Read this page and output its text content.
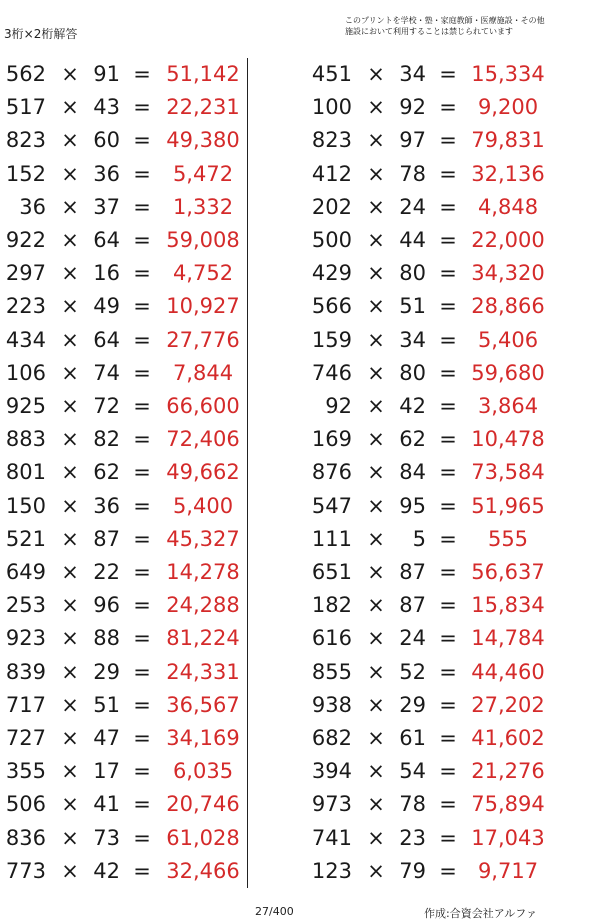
3桁×2桁解答
このプリントを学校・塾・家庭教師・医療施設・その他
施設において利用することは禁じられています
562 × 91 = 51,142
517 × 43 = 22,231
823 × 60 = 49,380
152 × 36 =	5,472
36 × 37 =	1,332
922 × 64 = 59,008
297 × 16 =	4,752
223 × 49 = 10,927
434 × 64 = 27,776
106 × 74 =	7,844
925 × 72 = 66,600
883 × 82 = 72,406
801 × 62 = 49,662
150 × 36 =	5,400
521 × 87 = 45,327
649 × 22 = 14,278
253 × 96 = 24,288
923 × 88 = 81,224
839 × 29 = 24,331
717 × 51 = 36,567
727 × 47 = 34,169
355 × 17 =	6,035
506 × 41 = 20,746
836 × 73 = 61,028
773 × 42 = 32,466
451 × 34 = 15,334
100 × 92 =	9,200
823 × 97 = 79,831
412 × 78 = 32,136
202 × 24 =	4,848
500 × 44 = 22,000
429 × 80 = 34,320
566 × 51 = 28,866
159 × 34 =	5,406
746 × 80 = 59,680
92 × 42 =	3,864
169 × 62 = 10,478
876 × 84 = 73,584
547 × 95 = 51,965
111 ×	5 =	555
651 × 87 = 56,637
182 × 87 = 15,834
616 × 24 = 14,784
855 × 52 = 44,460
938 × 29 = 27,202
682 × 61 = 41,602
394 × 54 = 21,276
973 × 78 = 75,894
741 × 23 = 17,043
123 × 79 =	9,717
27/400	作成:合資会社アルファ
